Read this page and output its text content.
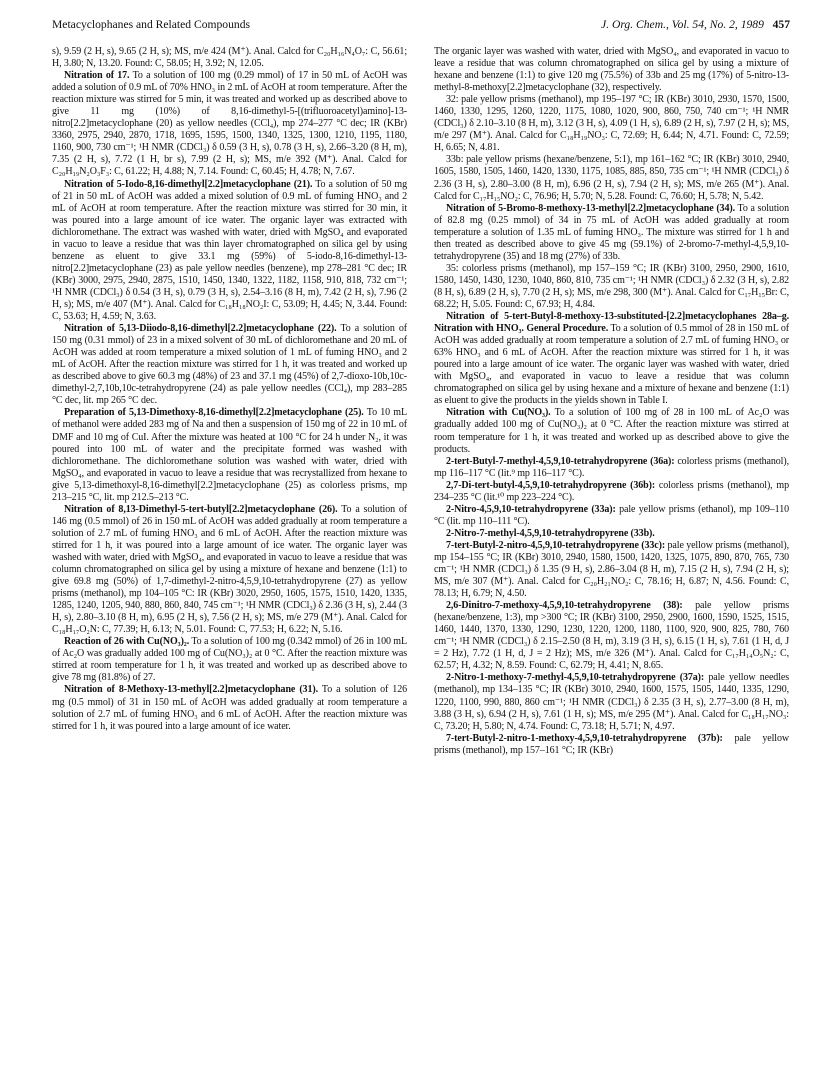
Metacyclophanes and Related Compounds	J. Org. Chem., Vol. 54, No. 2, 1989 457

s), 9.59 (2 H, s), 9.65 (2 H, s); MS, m/e 424 (M⁺). Anal. Calcd for C₂₀H₁₆N₄O₇: C, 56.61; H, 3.80; N, 13.20. Found: C, 58.05; H, 3.92; N, 12.05.

Nitration of 17. To a solution of 100 mg (0.29 mmol) of 17 in 50 mL of AcOH was added a solution of 0.9 mL of 70% HNO₃ in 2 mL of AcOH at room temperature. After the reaction mixture was stirred for 5 min, it was treated and worked up as described above to give 11 mg (10%) of 8,16-dimethyl-5-[(trifluoroacetyl)amino]-13-nitro[2.2]metacyclophane (20) as yellow needles (CCl₄), mp 274–277 °C dec; IR (KBr) 3360, 2975, 2940, 2870, 1718, 1695, 1595, 1500, 1340, 1325, 1300, 1210, 1195, 1180, 1160, 900, 730 cm⁻¹; ¹H NMR (CDCl₃) δ 0.59 (3 H, s), 0.78 (3 H, s), 2.66–3.20 (8 H, m), 7.35 (2 H, s), 7.72 (1 H, br s), 7.99 (2 H, s); MS, m/e 392 (M⁺). Anal. Calcd for C₂₀H₁₉N₂O₃F₃: C, 61.22; H, 4.88; N, 7.14. Found: C, 60.45; H, 4.78; N, 7.67.

Nitration of 5-Iodo-8,16-dimethyl[2.2]metacyclophane (21). To a solution of 50 mg of 21 in 50 mL of AcOH was added a mixed solution of 0.9 mL of fuming HNO₃ and 2 mL of AcOH at room temperature. After the reaction mixture was stirred for 30 min, it was poured into a large amount of ice water. The organic layer was extracted with dichloromethane. The extract was washed with water, dried with MgSO₄ and evaporated in vacuo to leave a residue that was thin layer chromatographed on silica gel by using benzene as eluent to give 33.1 mg (59%) of 5-iodo-8,16-dimethyl-13-nitro[2.2]metacyclophane (23) as pale yellow needles (benzene), mp 278–281 °C dec; IR (KBr) 3000, 2975, 2940, 2875, 1510, 1450, 1340, 1322, 1182, 1158, 910, 818, 732 cm⁻¹; ¹H NMR (CDCl₃) δ 0.54 (3 H, s), 0.79 (3 H, s), 2.54–3.16 (8 H, m), 7.42 (2 H, s), 7.96 (2 H, s); MS, m/e 407 (M⁺). Anal. Calcd for C₁₈H₁₈NO₂I: C, 53.09; H, 4.45; N, 3.44. Found: C, 53.63; H, 4.59; N, 3.63.

Nitration of 5,13-Diiodo-8,16-dimethyl[2.2]metacyclophane (22). To a solution of 150 mg (0.31 mmol) of 23 in a mixed solvent of 30 mL of dichloromethane and 20 mL of AcOH was added at room temperature a mixed solution of 1 mL of fuming HNO₃ and 2 mL of AcOH. After the reaction mixture was stirred for 1 h, it was treated and worked up as described above to give 60.3 mg (48%) of 23 and 37.1 mg (45%) of 2,7-dioxo-10b,10c-dimethyl-2,7,10b,10c-tetrahydropyrene (24) as pale yellow needles (CCl₄), mp 283–285 °C dec, lit. mp 265 °C dec.

Preparation of 5,13-Dimethoxy-8,16-dimethyl[2.2]metacyclophane (25). To 10 mL of methanol were added 283 mg of Na and then a suspension of 150 mg of 22 in 10 mL of DMF and 10 mg of CuI. After the mixture was heated at 100 °C for 24 h under N₂, it was poured into 100 mL of water and the precipitate formed was washed with dichloromethane. The dichloromethane solution was washed with water, dried with MgSO₄, and evaporated in vacuo to leave a residue that was recrystallized from hexane to give 5,13-dimethoxyl-8,16-dimethyl[2.2]metacyclophane (25) as colorless prisms, mp 213–215 °C, lit. mp 212.5–213 °C.

Nitration of 8,13-Dimethyl-5-tert-butyl[2.2]metacyclophane (26). To a solution of 146 mg (0.5 mmol) of 26 in 150 mL of AcOH was added gradually at room temperature a solution of 2.7 mL of fuming HNO₃ and 6 mL of AcOH. After the reaction mixture was stirred for 1 h, it was poured into a large amount of ice water. The organic layer was washed with water, dried with MgSO₄, and evaporated in vacuo to leave a residue that was column chromatographed on silica gel by using a mixture of hexane and benzene (1:1) to give 69.8 mg (50%) of 1,7-dimethyl-2-nitro-4,5,9,10-tetrahydropyrene (27) as yellow prisms (methanol), mp 104–105 °C: IR (KBr) 3020, 2950, 1605, 1575, 1510, 1420, 1335, 1285, 1240, 1205, 940, 880, 860, 840, 745 cm⁻¹; ¹H NMR (CDCl₃) δ 2.36 (3 H, s), 2.44 (3 H, s), 2.80–3.10 (8 H, m), 6.95 (2 H, s), 7.56 (2 H, s); MS, m/e 279 (M⁺). Anal. Calcd for C₁₈H₁₇O₂N: C, 77.39; H, 6.13; N, 5.01. Found: C, 77.53; H, 6.22; N, 5.16.

Reaction of 26 with Cu(NO₃)₂. To a solution of 100 mg (0.342 mmol) of 26 in 100 mL of Ac₂O was gradually added 100 mg of Cu(NO₃)₂ at 0 °C. After the reaction mixture was stirred at room temperature for 1 h, it was treated and worked up as described above to give 78 mg (81.8%) of 27.

Nitration of 8-Methoxy-13-methyl[2.2]metacyclophane (31). To a solution of 126 mg (0.5 mmol) of 31 in 150 mL of AcOH was added gradually at room temperature a solution of 2.7 mL of fuming HNO₃ and 6 mL of AcOH. After the reaction mixture was stirred for 1 h, it was poured into a large amount of ice water.

The organic layer was washed with water, dried with MgSO₄, and evaporated in vacuo to leave a residue that was column chromatographed on silica gel by using a mixture of hexane and benzene (1:1) to give 120 mg (75.5%) of 33b and 25 mg (17%) of 5-nitro-13-methyl-8-methoxy[2.2]metacyclophane (32), respectively.

32: pale yellow prisms (methanol), mp 195–197 °C; IR (KBr) 3010, 2930, 1570, 1500, 1460, 1330, 1295, 1260, 1220, 1175, 1080, 1020, 900, 860, 750, 740 cm⁻¹; ¹H NMR (CDCl₃) δ 2.10–3.10 (8 H, m), 3.12 (3 H, s), 4.09 (1 H, s), 6.89 (2 H, s), 7.97 (2 H, s); MS, m/e 297 (M⁺). Anal. Calcd for C₁₈H₁₉NO₃: C, 72.69; H, 6.44; N, 4.71. Found: C, 72.59; H, 6.65; N, 4.81.

33b: pale yellow prisms (hexane/benzene, 5:1), mp 161–162 °C; IR (KBr) 3010, 2940, 1605, 1580, 1505, 1460, 1420, 1330, 1175, 1085, 885, 850, 735 cm⁻¹; ¹H NMR (CDCl₃) δ 2.36 (3 H, s), 2.80–3.00 (8 H, m), 6.96 (2 H, s), 7.94 (2 H, s); MS, m/e 265 (M⁺). Anal. Calcd for C₁₇H₁₅NO₂: C, 76.96; H, 5.70; N, 5.28. Found: C, 76.60; H, 5.78; N, 5.42.

Nitration of 5-Bromo-8-methoxy-13-methyl[2.2]metacyclophane (34). To a solution of 82.8 mg (0.25 mmol) of 34 in 75 mL of AcOH was added gradually at room temperature a solution of 1.35 mL of fuming HNO₃. The mixture was stirred for 1 h and then treated as described above to give 45 mg (59.1%) of 2-bromo-7-methyl-4,5,9,10-tetrahydropyrene (35) and 18 mg (27%) of 33b.

35: colorless prisms (methanol), mp 157–159 °C; IR (KBr) 3100, 2950, 2900, 1610, 1580, 1450, 1430, 1230, 1040, 860, 810, 735 cm⁻¹; ¹H NMR (CDCl₃) δ 2.32 (3 H, s), 2.82 (8 H, s), 6.89 (2 H, s), 7.70 (2 H, s); MS, m/e 298, 300 (M⁺). Anal. Calcd for C₁₇H₁₅Br: C, 68.22; H, 5.05. Found: C, 67.93; H, 4.84.

Nitration of 5-tert-Butyl-8-methoxy-13-substituted-[2.2]metacyclophanes 28a–g. Nitration with HNO₃. General Procedure. To a solution of 0.5 mmol of 28 in 150 mL of AcOH was added gradually at room temperature a solution of 2.7 mL of fuming HNO₃ or 63% HNO₃ and 6 mL of AcOH. After the reaction mixture was stirred for 1 h, it was poured into a large amount of ice water. The organic layer was washed with water, dried with MgSO₄, and evaporated in vacuo to leave a residue that was column chromatographed on silica gel by using hexane and a mixture of hexane and benzene (1:1) as eluent to give the products in the yields shown in Table I.

Nitration with Cu(NO₃). To a solution of 100 mg of 28 in 100 mL of Ac₂O was gradually added 100 mg of Cu(NO₃)₂ at 0 °C. After the reaction mixture was stirred at room temperature for 1 h, it was treated and worked up as described above to give the products.

2-tert-Butyl-7-methyl-4,5,9,10-tetrahydropyrene (36a): colorless prisms (methanol), mp 116–117 °C (lit.⁹ mp 116–117 °C).

2,7-Di-tert-butyl-4,5,9,10-tetrahydropyrene (36b): colorless prisms (methanol), mp 234–235 °C (lit.¹⁰ mp 223–224 °C).

2-Nitro-4,5,9,10-tetrahydropyrene (33a): pale yellow prisms (ethanol), mp 109–110 °C (lit. mp 110–111 °C).

2-Nitro-7-methyl-4,5,9,10-tetrahydropyrene (33b).

7-tert-Butyl-2-nitro-4,5,9,10-tetrahydropyrene (33c): pale yellow prisms (methanol), mp 154–155 °C; IR (KBr) 3010, 2940, 1580, 1500, 1420, 1325, 1075, 890, 870, 765, 730 cm⁻¹; ¹H NMR (CDCl₃) δ 1.35 (9 H, s), 2.86–3.04 (8 H, m), 7.15 (2 H, s), 7.94 (2 H, s); MS, m/e 307 (M⁺). Anal. Calcd for C₂₀H₂₁NO₂: C, 78.16; H, 6.87; N, 4.56. Found: C, 78.13; H, 6.79; N, 4.50.

2,6-Dinitro-7-methoxy-4,5,9,10-tetrahydropyrene (38): pale yellow prisms (hexane/benzene, 1:3), mp >300 °C; IR (KBr) 3100, 2950, 2900, 1600, 1590, 1525, 1515, 1460, 1440, 1370, 1330, 1290, 1230, 1220, 1200, 1180, 1100, 920, 900, 825, 780, 760 cm⁻¹; ¹H NMR (CDCl₃) δ 2.15–2.50 (8 H, m), 3.19 (3 H, s), 6.15 (1 H, s), 7.61 (1 H, d, J = 2 Hz), 7.72 (1 H, d, J = 2 Hz); MS, m/e 326 (M⁺). Anal. Calcd for C₁₇H₁₄O₅N₂: C, 62.57; H, 4.32; N, 8.59. Found: C, 62.79; H, 4.41; N, 8.65.

2-Nitro-1-methoxy-7-methyl-4,5,9,10-tetrahydropyrene (37a): pale yellow needles (methanol), mp 134–135 °C; IR (KBr) 3010, 2940, 1600, 1575, 1505, 1440, 1335, 1290, 1220, 1100, 990, 880, 860 cm⁻¹; ¹H NMR (CDCl₃) δ 2.35 (3 H, s), 2.77–3.00 (8 H, m), 3.88 (3 H, s), 6.94 (2 H, s), 7.61 (1 H, s); MS, m/e 295 (M⁺). Anal. Calcd for C₁₈H₁₇NO₃: C, 73.20; H, 5.80; N, 4.74. Found: C, 73.18; H, 5.71; N, 4.97.

7-tert-Butyl-2-nitro-1-methoxy-4,5,9,10-tetrahydropyrene (37b): pale yellow prisms (methanol), mp 157–161 °C; IR (KBr)
